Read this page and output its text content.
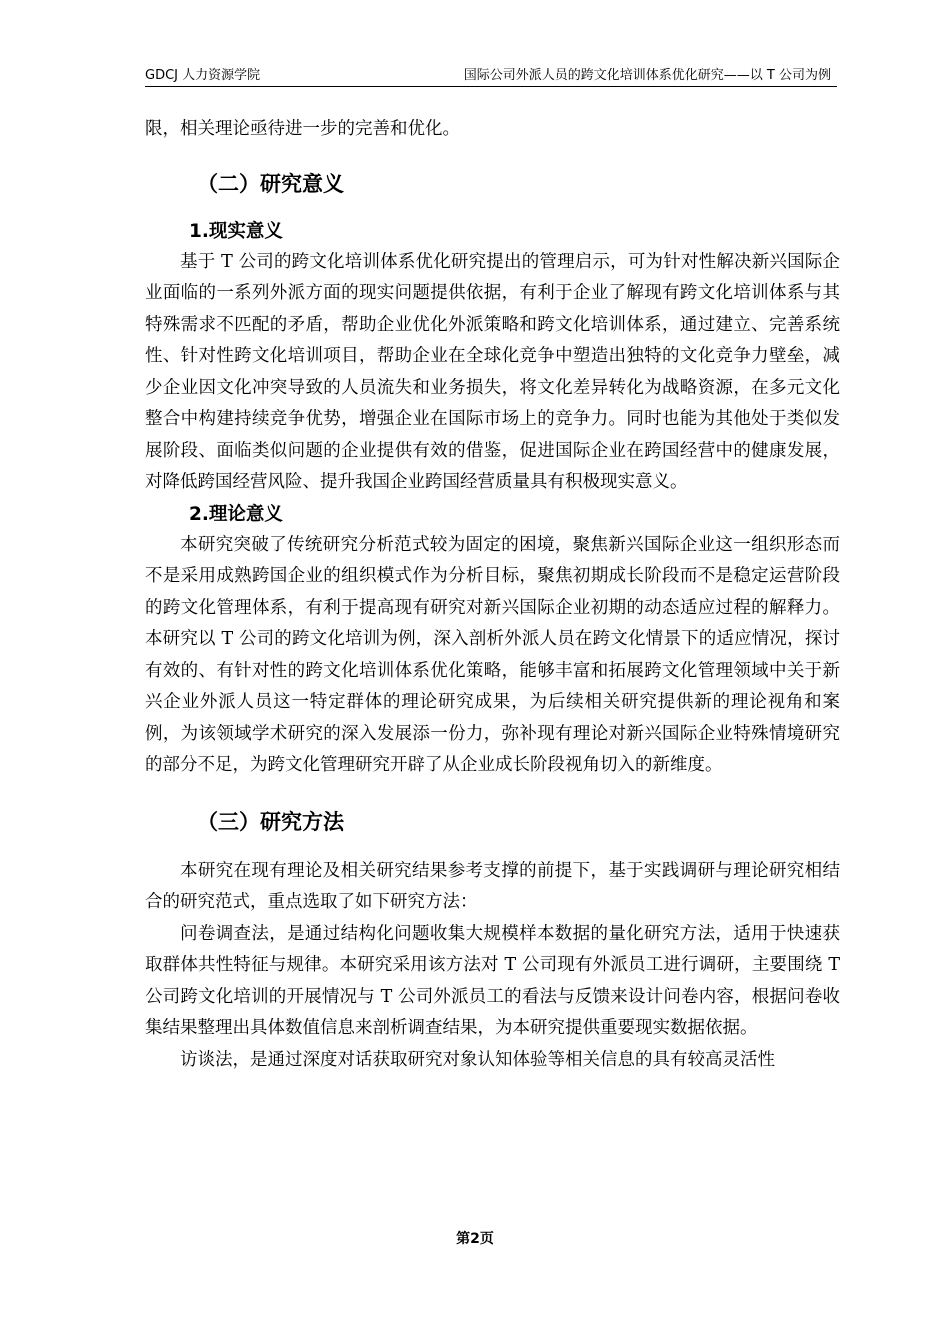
GDCJ 人力资源学院	国际公司外派人员的跨文化培训体系优化研究——以 T 公司为例

限，相关理论亟待进一步的完善和优化。

（二）研究意义
1.现实意义

基于 T 公司的跨文化培训体系优化研究提出的管理启示，可为针对性解决新兴国际企业面临的一系列外派方面的现实问题提供依据，有利于企业了解现有跨文化培训体系与其特殊需求不匹配的矛盾，帮助企业优化外派策略和跨文化培训体系，通过建立、完善系统性、针对性跨文化培训项目，帮助企业在全球化竞争中塑造出独特的文化竞争力壁垒，减少企业因文化冲突导致的人员流失和业务损失，将文化差异转化为战略资源，在多元文化整合中构建持续竞争优势，增强企业在国际市场上的竞争力。同时也能为其他处于类似发展阶段、面临类似问题的企业提供有效的借鉴，促进国际企业在跨国经营中的健康发展，对降低跨国经营风险、提升我国企业跨国经营质量具有积极现实意义。

2.理论意义

本研究突破了传统研究分析范式较为固定的困境，聚焦新兴国际企业这一组织形态而不是采用成熟跨国企业的组织模式作为分析目标，聚焦初期成长阶段而不是稳定运营阶段的跨文化管理体系，有利于提高现有研究对新兴国际企业初期的动态适应过程的解释力。本研究以 T 公司的跨文化培训为例，深入剖析外派人员在跨文化情景下的适应情况，探讨有效的、有针对性的跨文化培训体系优化策略，能够丰富和拓展跨文化管理领域中关于新兴企业外派人员这一特定群体的理论研究成果，为后续相关研究提供新的理论视角和案例，为该领域学术研究的深入发展添一份力，弥补现有理论对新兴国际企业特殊情境研究的部分不足，为跨文化管理研究开辟了从企业成长阶段视角切入的新维度。

（三）研究方法

本研究在现有理论及相关研究结果参考支撑的前提下，基于实践调研与理论研究相结合的研究范式，重点选取了如下研究方法：

问卷调查法，是通过结构化问题收集大规模样本数据的量化研究方法，适用于快速获取群体共性特征与规律。本研究采用该方法对 T 公司现有外派员工进行调研，主要围绕 T 公司跨文化培训的开展情况与 T 公司外派员工的看法与反馈来设计问卷内容，根据问卷收集结果整理出具体数值信息来剖析调查结果，为本研究提供重要现实数据依据。

访谈法，是通过深度对话获取研究对象认知体验等相关信息的具有较高灵活性

第2页
